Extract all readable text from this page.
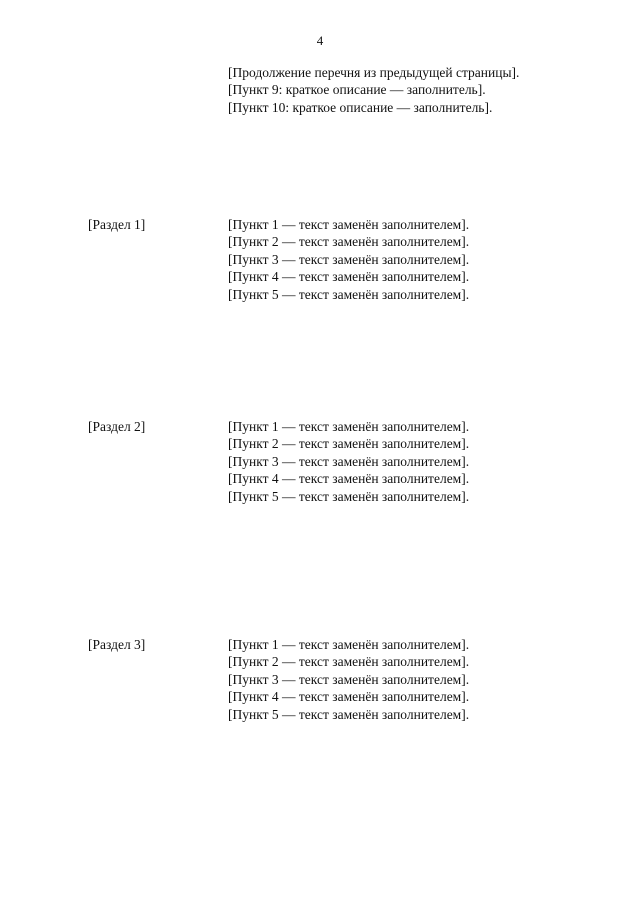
4

[Продолжение перечня из предыдущей страницы].

[Пункт 9: краткое описание — заполнитель].

[Пункт 10: краткое описание — заполнитель].

[Раздел 1]	[Пункт 1 — текст заменён заполнителем].

[Пункт 2 — текст заменён заполнителем].

[Пункт 3 — текст заменён заполнителем].

[Пункт 4 — текст заменён заполнителем].

[Пункт 5 — текст заменён заполнителем].

[Раздел 2]	[Пункт 1 — текст заменён заполнителем].

[Пункт 2 — текст заменён заполнителем].

[Пункт 3 — текст заменён заполнителем].

[Пункт 4 — текст заменён заполнителем].

[Пункт 5 — текст заменён заполнителем].

[Раздел 3]	[Пункт 1 — текст заменён заполнителем].

[Пункт 2 — текст заменён заполнителем].

[Пункт 3 — текст заменён заполнителем].

[Пункт 4 — текст заменён заполнителем].

[Пункт 5 — текст заменён заполнителем].
